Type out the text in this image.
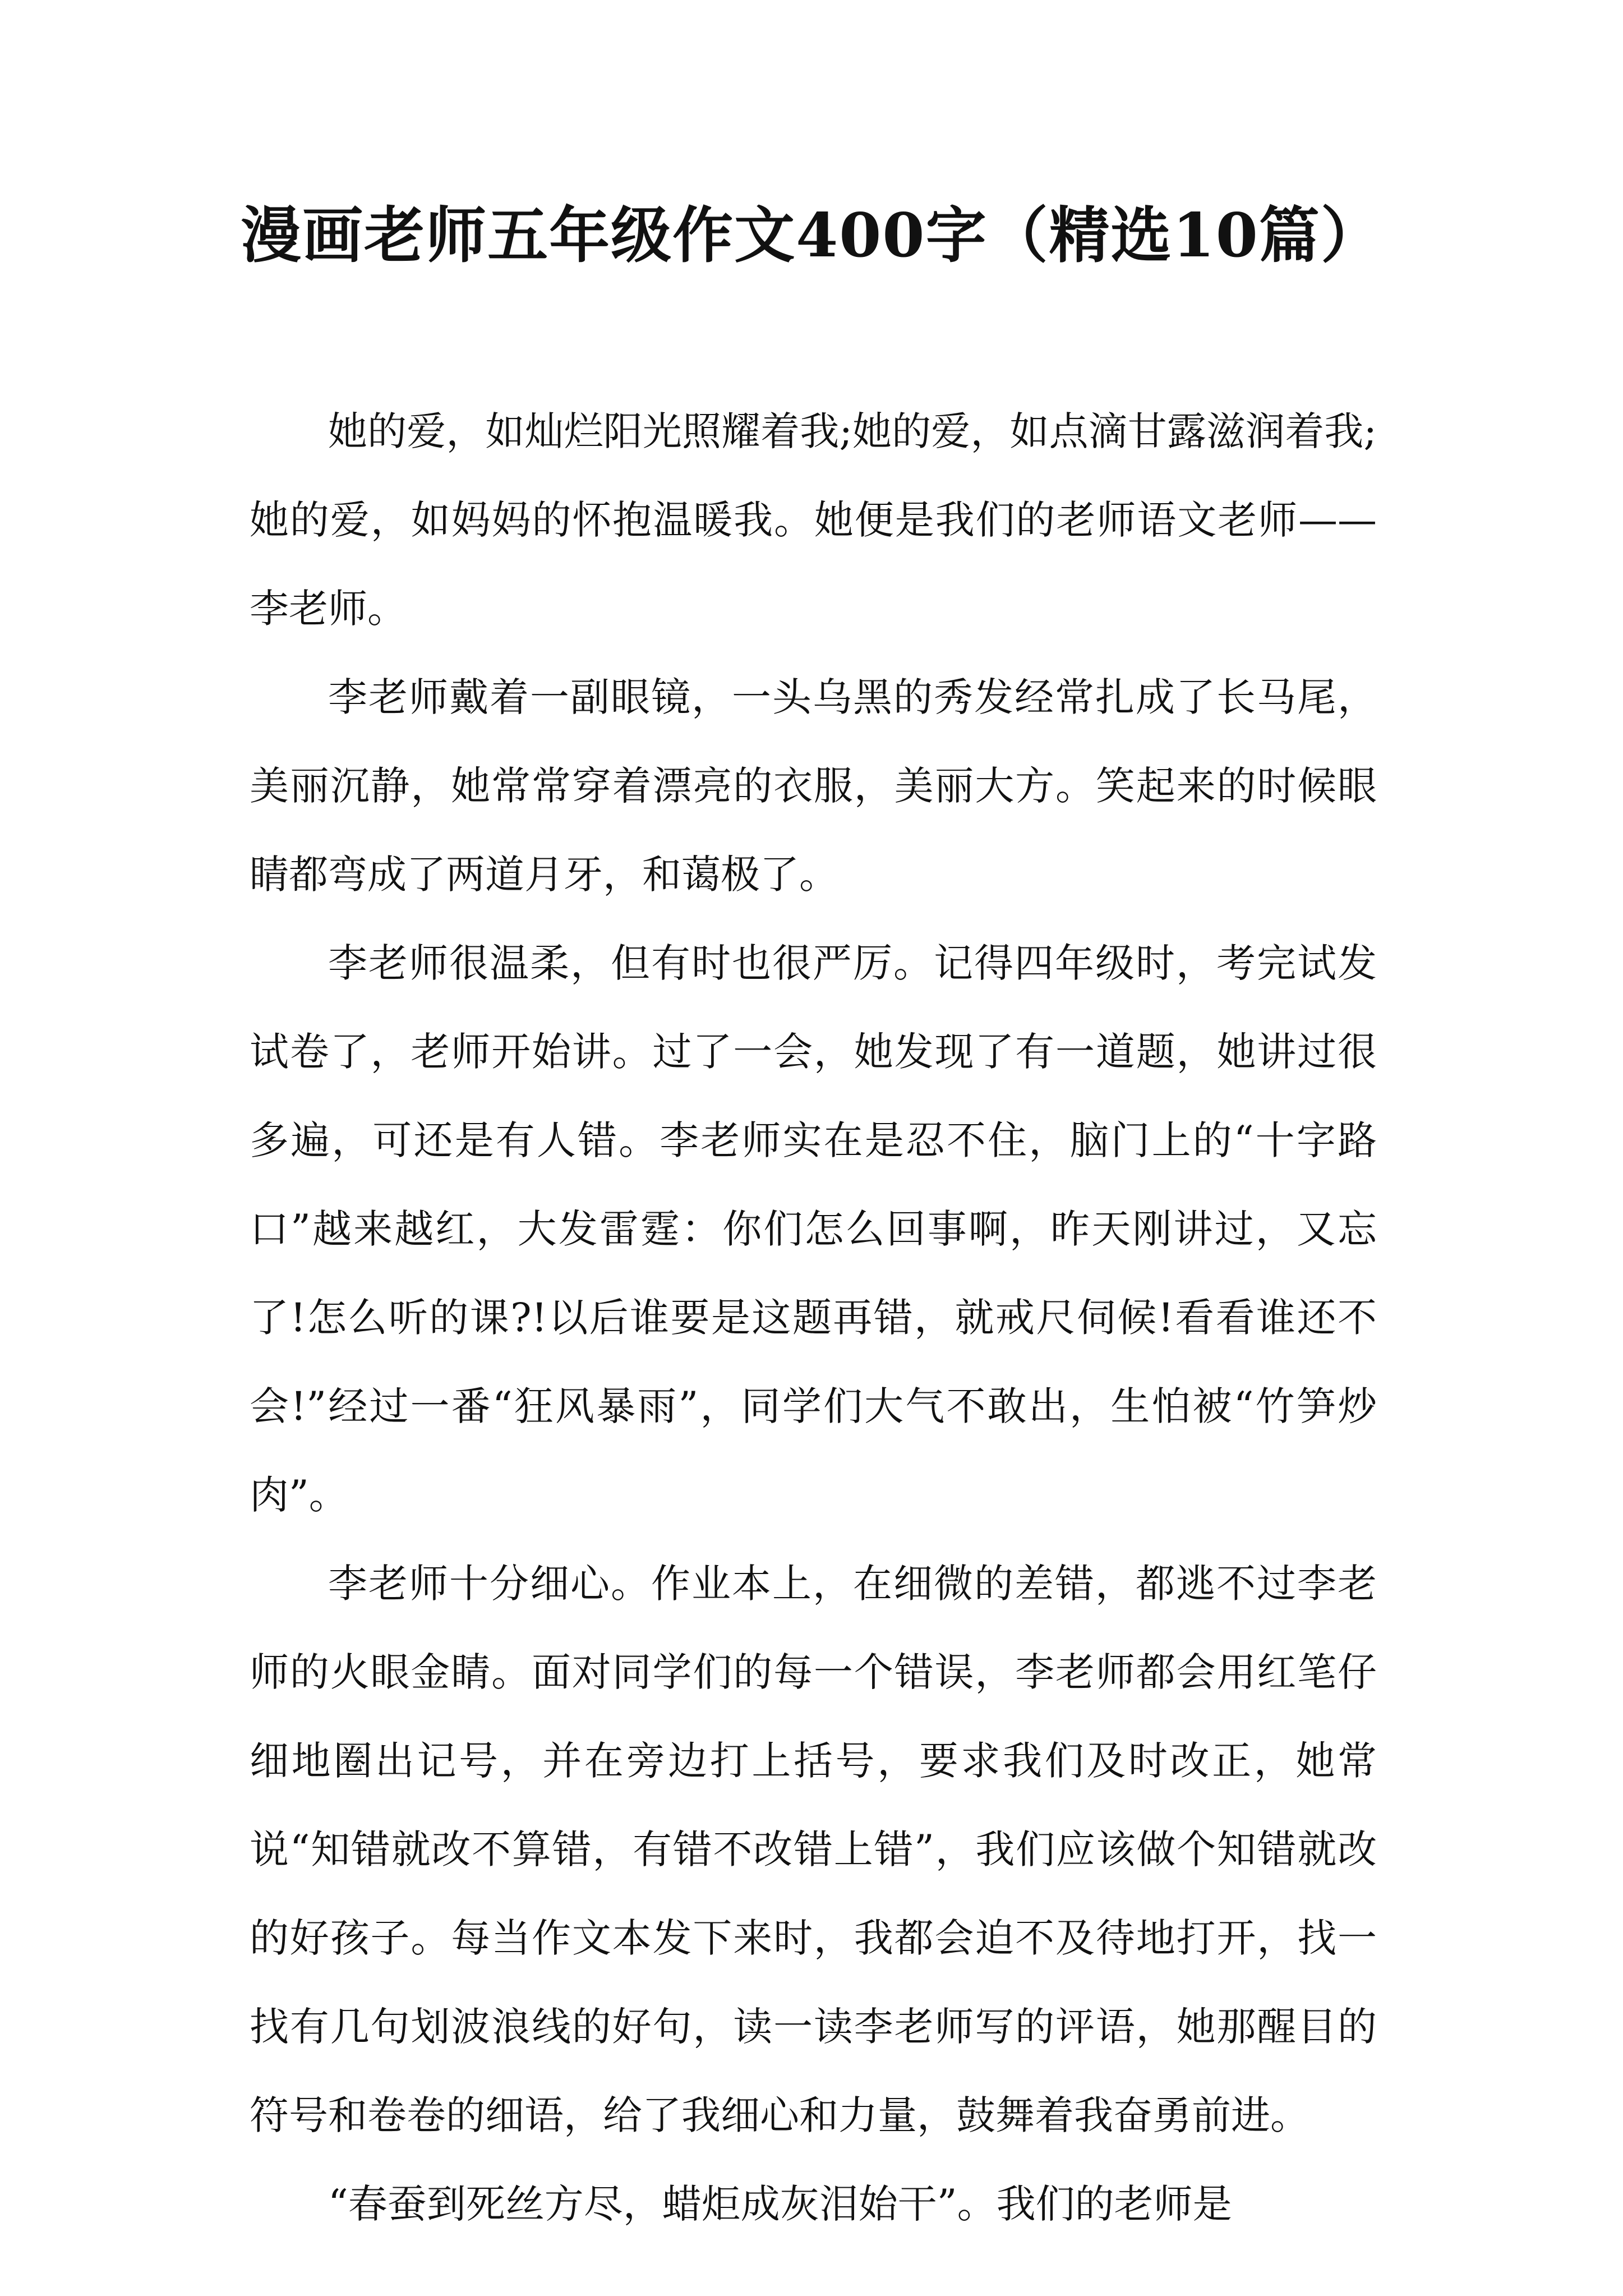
漫画老师五年级作文400字（精选10篇）

她的爱，如灿烂阳光照耀着我;她的爱，如点滴甘露滋润着我;她的爱，如妈妈的怀抱温暖我。她便是我们的老师语文老师——李老师。

李老师戴着一副眼镜，一头乌黑的秀发经常扎成了长马尾，美丽沉静，她常常穿着漂亮的衣服，美丽大方。笑起来的时候眼睛都弯成了两道月牙，和蔼极了。

李老师很温柔，但有时也很严厉。记得四年级时，考完试发试卷了，老师开始讲。过了一会，她发现了有一道题，她讲过很多遍，可还是有人错。李老师实在是忍不住，脑门上的“十字路口”越来越红，大发雷霆：你们怎么回事啊，昨天刚讲过，又忘了!怎么听的课?!以后谁要是这题再错，就戒尺伺候!看看谁还不会!”经过一番“狂风暴雨”，同学们大气不敢出，生怕被“竹笋炒肉”。

李老师十分细心。作业本上，在细微的差错，都逃不过李老师的火眼金睛。面对同学们的每一个错误，李老师都会用红笔仔细地圈出记号，并在旁边打上括号，要求我们及时改正，她常说“知错就改不算错，有错不改错上错”，我们应该做个知错就改的好孩子。每当作文本发下来时，我都会迫不及待地打开，找一找有几句划波浪线的好句，读一读李老师写的评语，她那醒目的符号和卷卷的细语，给了我细心和力量，鼓舞着我奋勇前进。

“春蚕到死丝方尽，蜡炬成灰泪始干”。我们的老师是
